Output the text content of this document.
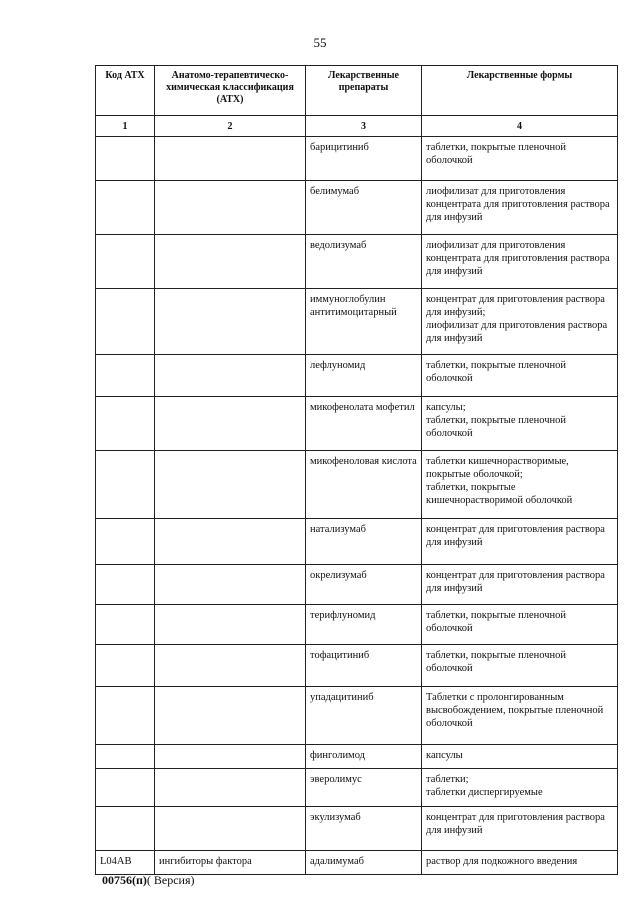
55
Код АТХ	Анатомо-терапевтическо-химическая классификация (АТХ)	Лекарственные препараты	Лекарственные формы
1	2	3	4
		барицитиниб	таблетки, покрытые пленочной оболочкой
		белимумаб	лиофилизат для приготовления концентрата для приготовления раствора для инфузий
		ведолизумаб	лиофилизат для приготовления концентрата для приготовления раствора для инфузий
		иммуноглобулин антитимоцитарный	концентрат для приготовления раствора для инфузий;
лиофилизат для приготовления раствора для инфузий
		лефлуномид	таблетки, покрытые пленочной оболочкой
		микофенолата мофетил	капсулы;
таблетки, покрытые пленочной оболочкой
		микофеноловая кислота	таблетки кишечнорастворимые, покрытые оболочкой;
таблетки, покрытые кишечнорастворимой оболочкой
		натализумаб	концентрат для приготовления раствора для инфузий
		окрелизумаб	концентрат для приготовления раствора для инфузий
		терифлуномид	таблетки, покрытые пленочной оболочкой
		тофацитиниб	таблетки, покрытые пленочной оболочкой
		упадацитиниб	Таблетки с пролонгированным высвобождением, покрытые пленочной оболочкой
		финголимод	капсулы
		эверолимус	таблетки;
таблетки диспергируемые
		экулизумаб	концентрат для приготовления раствора для инфузий
L04AB	ингибиторы фактора	адалимумаб	раствор для подкожного введения
00756(п)( Версия)
